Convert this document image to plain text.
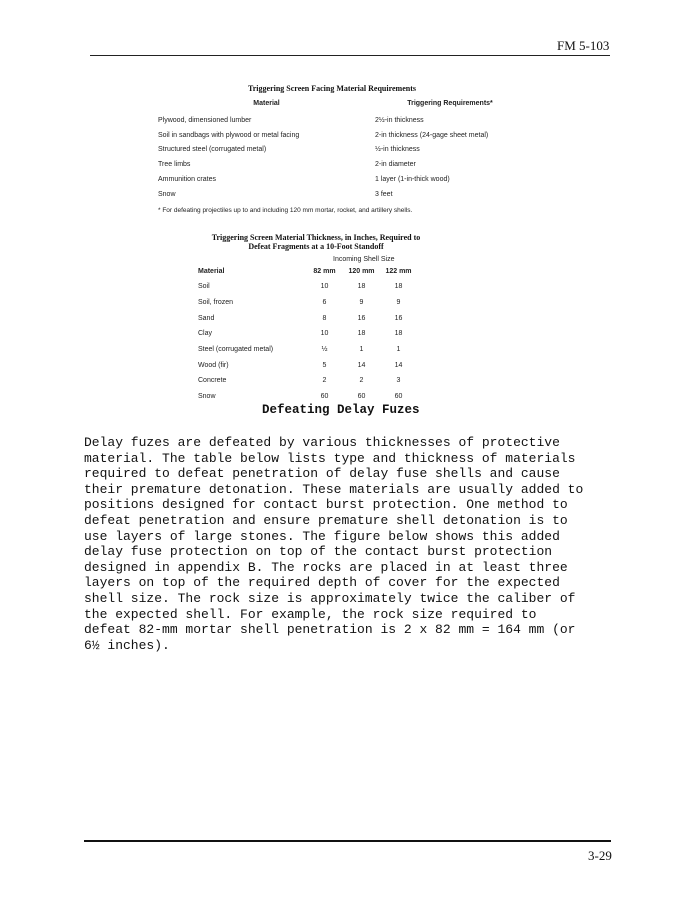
FM 5-103
Triggering Screen Facing Material Requirements
Material	Triggering Requirements*
Plywood, dimensioned lumber	2½-in thickness
Soil in sandbags with plywood or metal facing	2-in thickness (24-gage sheet metal)
Structured steel (corrugated metal)	½-in thickness
Tree limbs	2-in diameter
Ammunition crates	1 layer (1-in-thick wood)
Snow	3 feet
* For defeating projectiles up to and including 120 mm mortar, rocket, and artillery shells.
Triggering Screen Material Thickness, in Inches, Required to
Defeat Fragments at a 10-Foot Standoff
Incoming Shell Size
Material	82 mm	120 mm	122 mm
Soil	10	18	18
Soil, frozen	6	9	9
Sand	8	16	16
Clay	10	18	18
Steel (corrugated metal)	½	1	1
Wood (fir)	5	14	14
Concrete	2	2	3
Snow	60	60	60
Defeating Delay Fuzes
Delay fuzes are defeated by various thicknesses of protective
material. The table below lists type and thickness of materials
required to defeat penetration of delay fuse shells and cause
their premature detonation. These materials are usually added to
positions designed for contact burst protection. One method to
defeat penetration and ensure premature shell detonation is to
use layers of large stones. The figure below shows this added
delay fuse protection on top of the contact burst protection
designed in appendix B. The rocks are placed in at least three
layers on top of the required depth of cover for the expected
shell size. The rock size is approximately twice the caliber of
the expected shell. For example, the rock size required to
defeat 82-mm mortar shell penetration is 2 x 82 mm = 164 mm (or
6½ inches).
3-29
